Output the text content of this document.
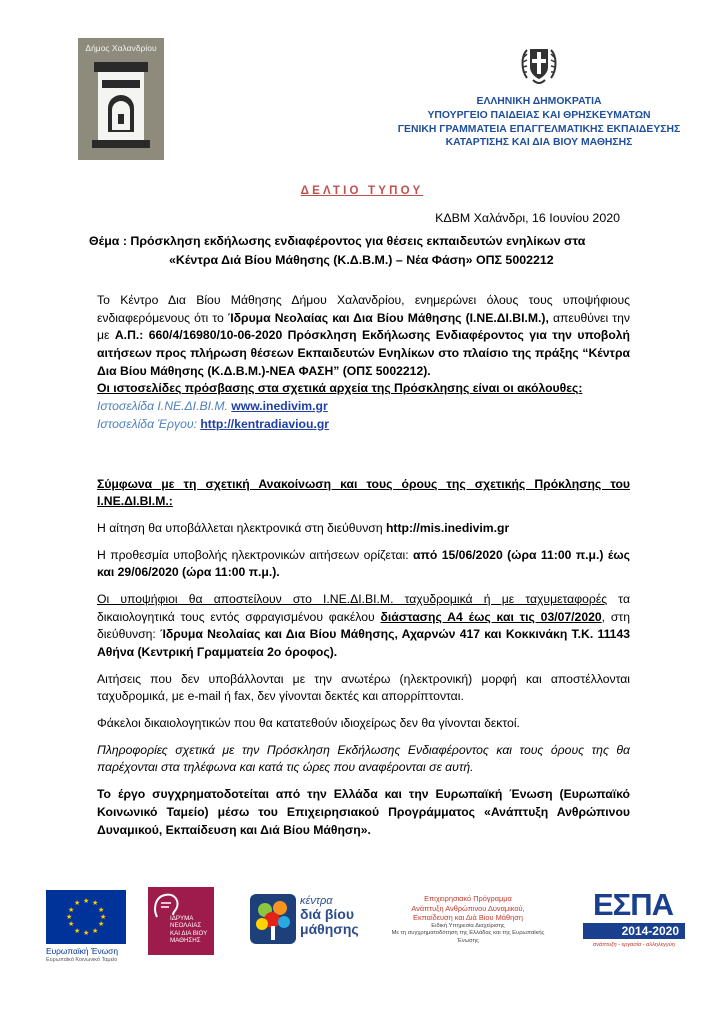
Δήμος Χαλανδρίου
ΕΛΛΗΝΙΚΗ ΔΗΜΟΚΡΑΤΙΑ
ΥΠΟΥΡΓΕΙΟ ΠΑΙΔΕΙΑΣ ΚΑΙ ΘΡΗΣΚΕΥΜΑΤΩΝ
ΓΕΝΙΚΗ ΓΡΑΜΜΑΤΕΙΑ ΕΠΑΓΓΕΛΜΑΤΙΚΗΣ ΕΚΠΑΙΔΕΥΣΗΣ
ΚΑΤΑΡΤΙΣΗΣ ΚΑΙ ΔΙΑ ΒΙΟΥ ΜΑΘΗΣΗΣ
ΔΕΛΤΙΟ ΤΥΠΟΥ
ΚΔΒΜ Χαλάνδρι, 16 Ιουνίου 2020
Θέμα : Πρόσκληση εκδήλωσης ενδιαφέροντος για θέσεις εκπαιδευτών ενηλίκων στα
«Κέντρα Διά Βίου Μάθησης (Κ.Δ.Β.Μ.) – Νέα Φάση» ΟΠΣ 5002212

Το Κέντρο Δια Βίου Μάθησης Δήμου Χαλανδρίου, ενημερώνει όλους τους υποψήφιους ενδιαφερόμενους ότι το Ίδρυμα Νεολαίας και Δια Βίου Μάθησης (Ι.ΝΕ.ΔΙ.ΒΙ.Μ.), απευθύνει την με Α.Π.: 660/4/16980/10-06-2020 Πρόσκληση Εκδήλωσης Ενδιαφέροντος για την υποβολή αιτήσεων προς πλήρωση θέσεων Εκπαιδευτών Ενηλίκων στο πλαίσιο της πράξης “Κέντρα Δια Βίου Μάθησης (Κ.Δ.Β.Μ.)-ΝΕΑ ΦΑΣΗ” (ΟΠΣ 5002212).

Οι ιστοσελίδες πρόσβασης στα σχετικά αρχεία της Πρόσκλησης είναι οι ακόλουθες:

Ιστοσελίδα Ι.ΝΕ.ΔΙ.ΒΙ.Μ. www.inedivim.gr

Ιστοσελίδα Έργου: http://kentradiaviou.gr

Σύμφωνα με τη σχετική Ανακοίνωση και τους όρους της σχετικής Πρόκλησης του Ι.ΝΕ.ΔΙ.ΒΙ.Μ.:

Η αίτηση θα υποβάλλεται ηλεκτρονικά στη διεύθυνση http://mis.inedivim.gr

Η προθεσμία υποβολής ηλεκτρονικών αιτήσεων ορίζεται: από 15/06/2020 (ώρα 11:00 π.μ.) έως και 29/06/2020 (ώρα 11:00 π.μ.).

Οι υποψήφιοι θα αποστείλουν στο Ι.ΝΕ.ΔΙ.ΒΙ.Μ. ταχυδρομικά ή με ταχυμεταφορές τα δικαιολογητικά τους εντός σφραγισμένου φακέλου διάστασης Α4 έως και τις 03/07/2020, στη διεύθυνση: Ίδρυμα Νεολαίας και Δια Βίου Μάθησης, Αχαρνών 417 και Κοκκινάκη Τ.Κ. 11143 Αθήνα (Κεντρική Γραμματεία 2ο όροφος).

Αιτήσεις που δεν υποβάλλονται με την ανωτέρω (ηλεκτρονική) μορφή και αποστέλλονται ταχυδρομικά, με e-mail ή fax, δεν γίνονται δεκτές και απορρίπτονται.

Φάκελοι δικαιολογητικών που θα κατατεθούν ιδιοχείρως δεν θα γίνονται δεκτοί.

Πληροφορίες σχετικά με την Πρόσκληση Εκδήλωσης Ενδιαφέροντος και τους όρους της θα παρέχονται στα τηλέφωνα και κατά τις ώρες που αναφέρονται σε αυτή.

Το έργο συγχρηματοδοτείται από την Ελλάδα και την Ευρωπαϊκή Ένωση (Ευρωπαϊκό Κοινωνικό Ταμείο) μέσω του Επιχειρησιακού Προγράμματος «Ανάπτυξη Ανθρώπινου Δυναμικού, Εκπαίδευση και Διά Βίου Μάθηση».

★ ★
★
★
★
★
★
★
★
★
★
★
Ευρωπαϊκή Ένωση
Ευρωπαϊκό Κοινωνικό Ταμείο
ΙΔΡΥΜΑ
ΝΕΟΛΑΙΑΣ
ΚΑΙ ΔΙΑ ΒΙΟΥ
ΜΑΘΗΣΗΣ
κέντρα
διά βίου
μάθησης
Επιχειρησιακό Πρόγραμμα
Ανάπτυξη Ανθρώπινου Δυναμικού,
Εκπαίδευση και Διά Βίου Μάθηση
Ειδική Υπηρεσία Διαχείρισης
Με τη συγχρηματοδότηση της Ελλάδας και της Ευρωπαϊκής Ένωσης
ΕΣΠΑ
2014-2020
ανάπτυξη - εργασία - αλληλεγγύη
